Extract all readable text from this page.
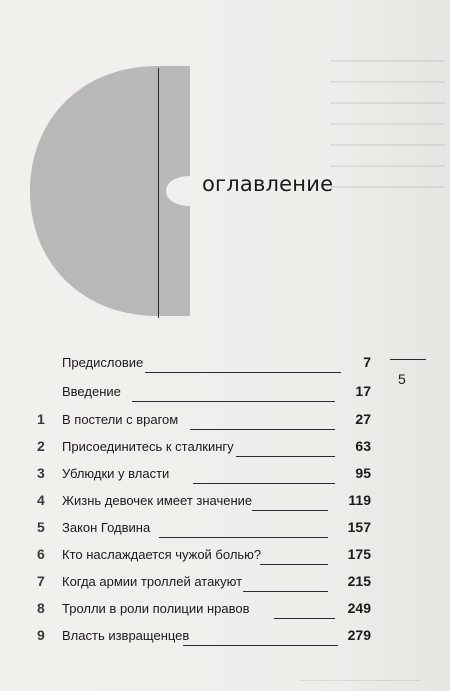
оглавление
5
Предисловие	7
Введение	17
1 В постели с врагом	27
2 Присоединитесь к сталкингу	63
3 Ублюдки у власти	95
4 Жизнь девочек имеет значение	119
5 Закон Годвина	157
6 Кто наслаждается чужой болью?	175
7 Когда армии троллей атакуют	215
8 Тролли в роли полиции нравов	249
9 Власть извращенцев	279
